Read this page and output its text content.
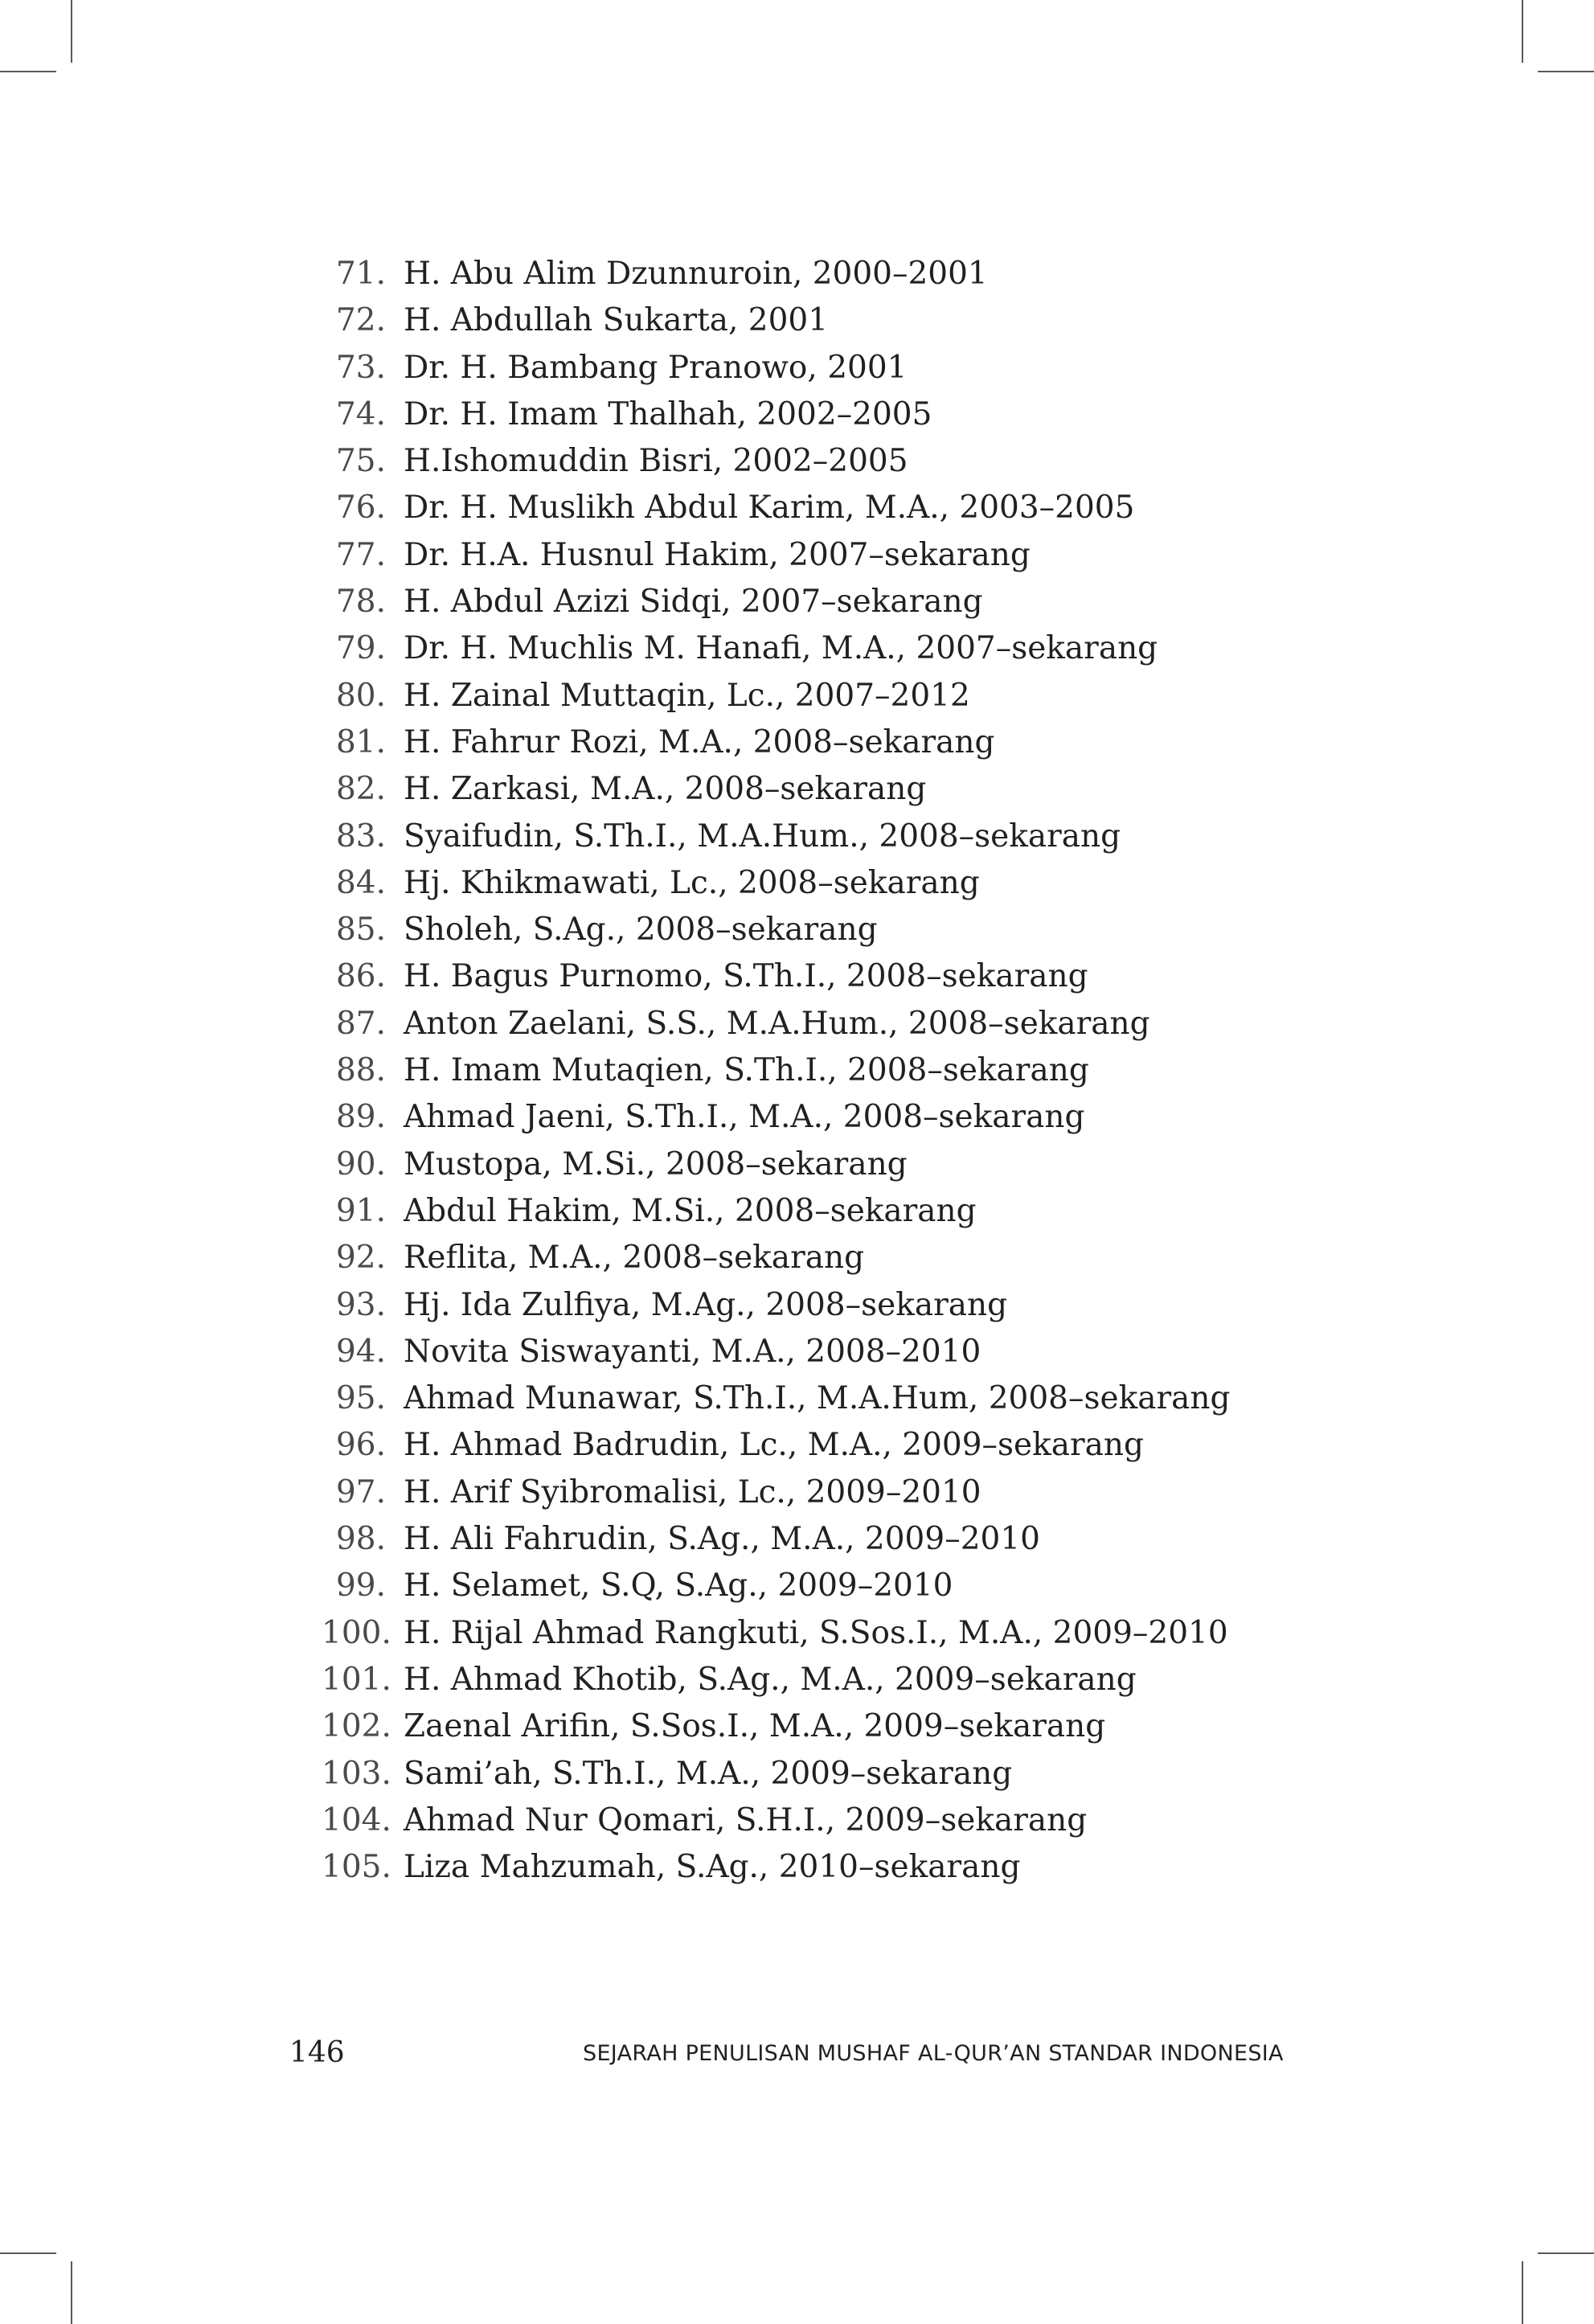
71. H. Abu Alim Dzunnuroin, 2000–2001
72. H. Abdullah Sukarta, 2001
73. Dr. H. Bambang Pranowo, 2001
74. Dr. H. Imam Thalhah, 2002–2005
75. H.Ishomuddin Bisri, 2002–2005
76. Dr. H. Muslikh Abdul Karim, M.A., 2003–2005
77. Dr. H.A. Husnul Hakim, 2007–sekarang
78. H. Abdul Azizi Sidqi, 2007–sekarang
79. Dr. H. Muchlis M. Hanafi, M.A., 2007–sekarang
80. H. Zainal Muttaqin, Lc., 2007–2012
81. H. Fahrur Rozi, M.A., 2008–sekarang
82. H. Zarkasi, M.A., 2008–sekarang
83. Syaifudin, S.Th.I., M.A.Hum., 2008–sekarang
84. Hj. Khikmawati, Lc., 2008–sekarang
85. Sholeh, S.Ag., 2008–sekarang
86. H. Bagus Purnomo, S.Th.I., 2008–sekarang
87. Anton Zaelani, S.S., M.A.Hum., 2008–sekarang
88. H. Imam Mutaqien, S.Th.I., 2008–sekarang
89. Ahmad Jaeni, S.Th.I., M.A., 2008–sekarang
90. Mustopa, M.Si., 2008–sekarang
91. Abdul Hakim, M.Si., 2008–sekarang
92. Reflita, M.A., 2008–sekarang
93. Hj. Ida Zulfiya, M.Ag., 2008–sekarang
94. Novita Siswayanti, M.A., 2008–2010
95. Ahmad Munawar, S.Th.I., M.A.Hum, 2008–sekarang
96. H. Ahmad Badrudin, Lc., M.A., 2009–sekarang
97. H. Arif Syibromalisi, Lc., 2009–2010
98. H. Ali Fahrudin, S.Ag., M.A., 2009–2010
99. H. Selamet, S.Q, S.Ag., 2009–2010
100. H. Rijal Ahmad Rangkuti, S.Sos.I., M.A., 2009–2010
101. H. Ahmad Khotib, S.Ag., M.A., 2009–sekarang
102. Zaenal Arifin, S.Sos.I., M.A., 2009–sekarang
103. Sami’ah, S.Th.I., M.A., 2009–sekarang
104. Ahmad Nur Qomari, S.H.I., 2009–sekarang
105. Liza Mahzumah, S.Ag., 2010–sekarang
146	SEJARAH PENULISAN MUSHAF AL-QUR’AN STANDAR INDONESIA
